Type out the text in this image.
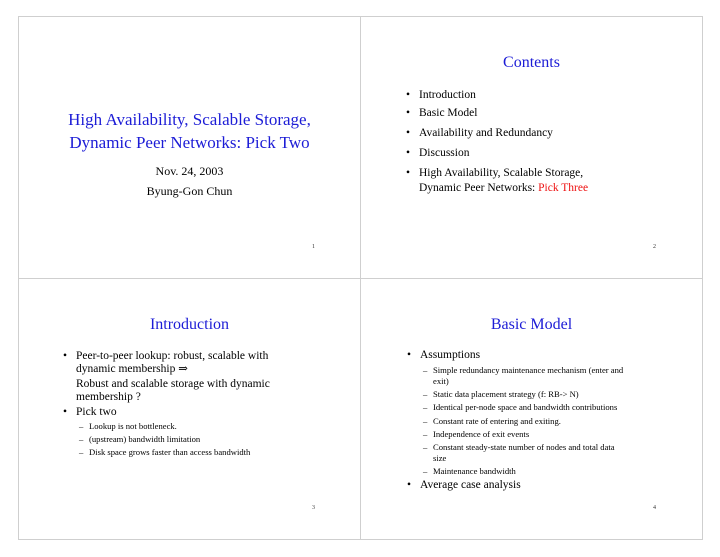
High Availability, Scalable Storage,
Dynamic Peer Networks: Pick Two
Nov. 24, 2003
Byung-Gon Chun
1
Contents
• Introduction
• Basic Model
• Availability and Redundancy
• Discussion
• High Availability, Scalable Storage,
Dynamic Peer Networks: Pick Three
2
Introduction
• Peer-to-peer lookup: robust, scalable with
dynamic membership ⇒
Robust and scalable storage with dynamic
membership ?
• Pick two
– Lookup is not bottleneck.
– (upstream) bandwidth limitation
– Disk space grows faster than access bandwidth
3
Basic Model
• Assumptions
– Simple redundancy maintenance mechanism (enter and
exit)
– Static data placement strategy (f: RB-> N)
– Identical per-node space and bandwidth contributions
– Constant rate of entering and exiting.
– Independence of exit events
– Constant steady-state number of nodes and total data
size
– Maintenance bandwidth
• Average case analysis
4
